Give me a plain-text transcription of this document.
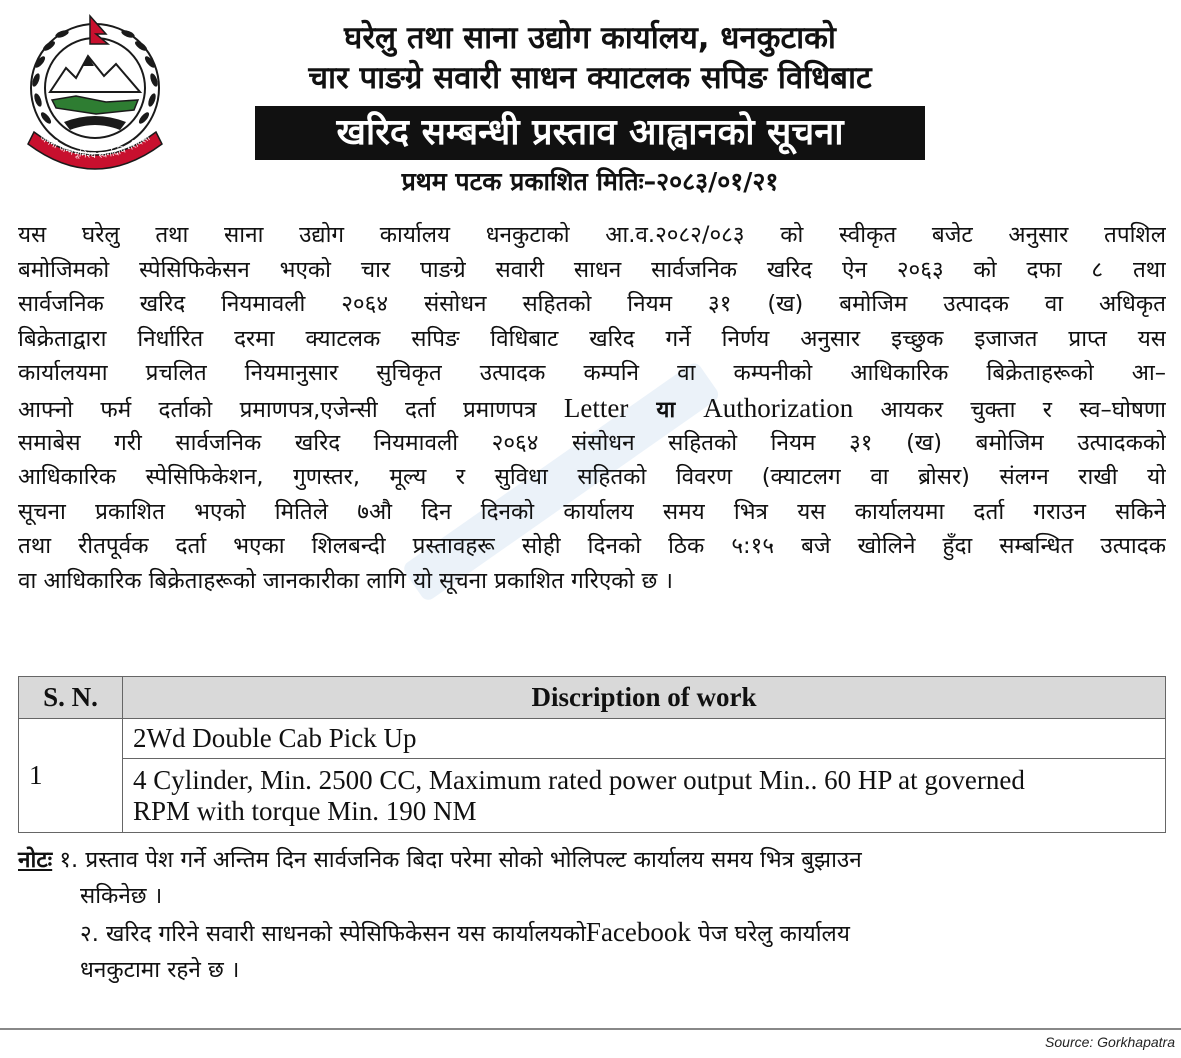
जननी जन्मभूमिश्च स्वर्गादपि गरीयसी
घरेलु तथा साना उद्योग कार्यालय, धनकुटाको
चार पाङग्रे सवारी साधन क्याटलक सपिङ विधिबाट
खरिद सम्बन्धी प्रस्ताव आह्वानको सूचना
प्रथम पटक प्रकाशित मितिः–२०८३/०१/२१
यस घरेलु तथा साना उद्योग कार्यालय धनकुटाको आ.व.२०८२/०८३ को स्वीकृत बजेट अनुसार तपशिल
बमोजिमको स्पेसिफिकेसन भएको चार पाङग्रे सवारी साधन सार्वजनिक खरिद ऐन २०६३ को दफा ८ तथा
सार्वजनिक खरिद नियमावली २०६४ संसोधन सहितको नियम ३१ (ख) बमोजिम उत्पादक वा अधिकृत
बिक्रेताद्वारा निर्धारित दरमा क्याटलक सपिङ विधिबाट खरिद गर्ने निर्णय अनुसार इच्छुक इजाजत प्राप्त यस
कार्यालयमा प्रचलित नियमानुसार सुचिकृत उत्पादक कम्पनि वा कम्पनीको आधिकारिक बिक्रेताहरूको आ–
आफ्नो फर्म दर्ताको प्रमाणपत्र,एजेन्सी दर्ता प्रमाणपत्र Letter या Authorization आयकर चुक्ता र स्व–घोषणा
समाबेस गरी सार्वजनिक खरिद नियमावली २०६४ संसोधन सहितको नियम ३१ (ख) बमोजिम उत्पादकको
आधिकारिक स्पेसिफिकेशन, गुणस्तर, मूल्य र सुविधा सहितको विवरण (क्याटलग वा ब्रोसर) संलग्न राखी यो
सूचना प्रकाशित भएको मितिले ७औ दिन दिनको कार्यालय समय भित्र यस कार्यालयमा दर्ता गराउन सकिने
तथा रीतपूर्वक दर्ता भएका शिलबन्दी प्रस्तावहरू सोही दिनको ठिक ५:१५ बजे खोलिने हुँदा सम्बन्धित उत्पादक
वा आधिकारिक बिक्रेताहरूको जानकारीका लागि यो सूचना प्रकाशित गरिएको छ ।
S. N.	Discription of work
1	2Wd Double Cab Pick Up

	4 Cylinder, Min. 2500 CC, Maximum rated power output Min.. 60 HP at governed
RPM with torque Min. 190 NM
नोटः १. प्रस्ताव पेश गर्ने अन्तिम दिन सार्वजनिक बिदा परेमा सोको भोलिपल्ट कार्यालय समय भित्र बुझाउन
सकिनेछ ।
२. खरिद गरिने सवारी साधनको स्पेसिफिकेसन यस कार्यालयकोFacebook पेज घरेलु कार्यालय
धनकुटामा रहने छ ।
Source: Gorkhapatra
